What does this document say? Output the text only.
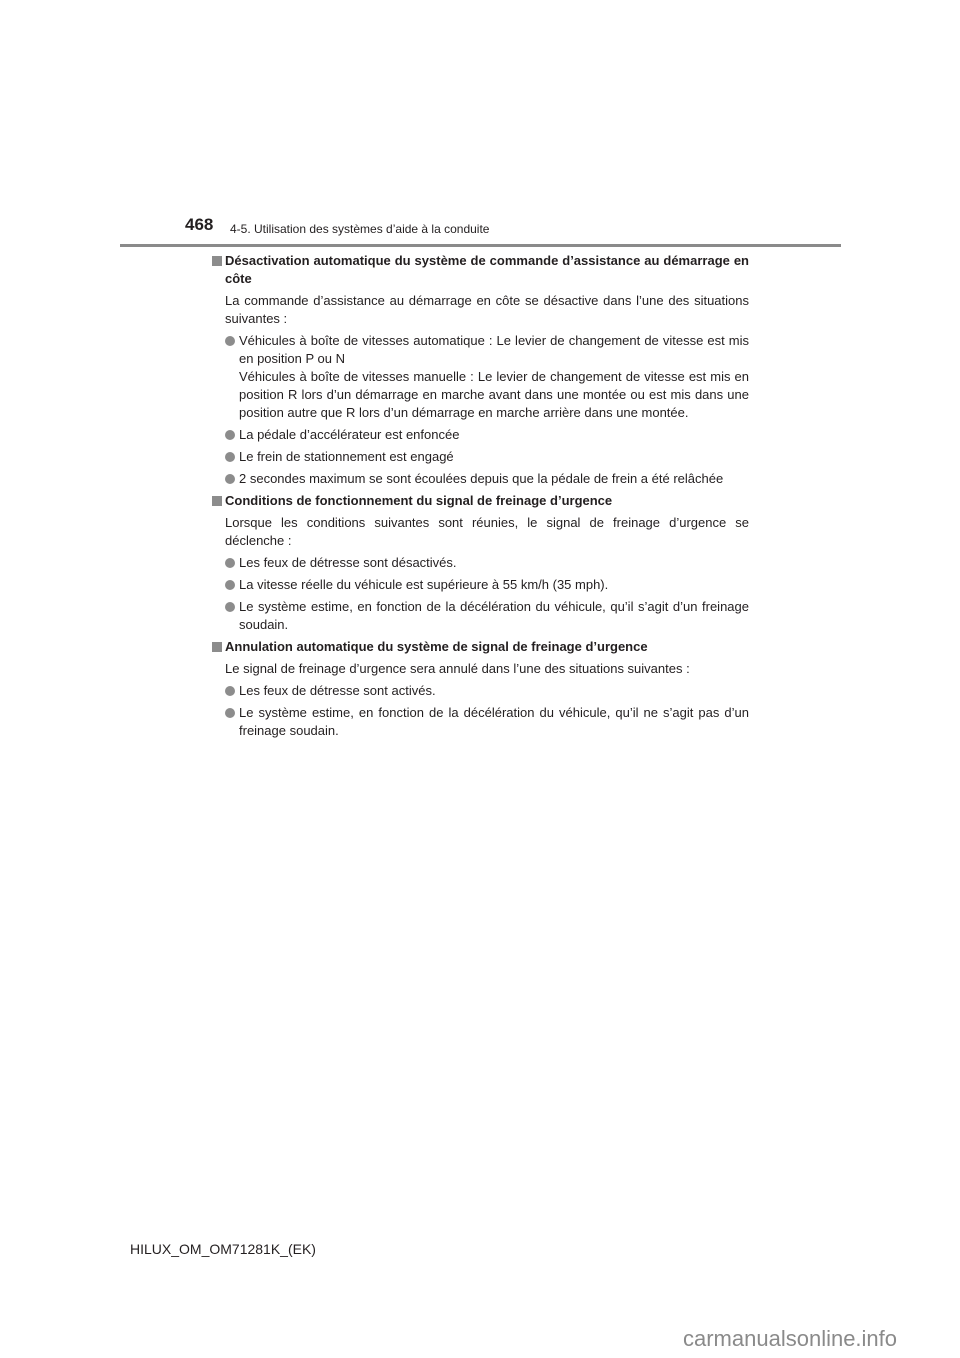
468 4-5. Utilisation des systèmes d’aide à la conduite
Désactivation automatique du système de commande d’assistance au démarrage en côte
La commande d’assistance au démarrage en côte se désactive dans l’une des situations suivantes :
Véhicules à boîte de vitesses automatique : Le levier de changement de vitesse est mis en position P ou N
Véhicules à boîte de vitesses manuelle : Le levier de changement de vitesse est mis en position R lors d’un démarrage en marche avant dans une montée ou est mis dans une position autre que R lors d’un démarrage en marche arrière dans une montée.
La pédale d’accélérateur est enfoncée
Le frein de stationnement est engagé
2 secondes maximum se sont écoulées depuis que la pédale de frein a été relâchée
Conditions de fonctionnement du signal de freinage d’urgence
Lorsque les conditions suivantes sont réunies, le signal de freinage d’urgence se déclenche :
Les feux de détresse sont désactivés.
La vitesse réelle du véhicule est supérieure à 55 km/h (35 mph).
Le système estime, en fonction de la décélération du véhicule, qu’il s’agit d’un freinage soudain.
Annulation automatique du système de signal de freinage d’urgence
Le signal de freinage d’urgence sera annulé dans l’une des situations suivantes :
Les feux de détresse sont activés.
Le système estime, en fonction de la décélération du véhicule, qu’il ne s’agit pas d’un freinage soudain.
HILUX_OM_OM71281K_(EK)
carmanualsonline.info
